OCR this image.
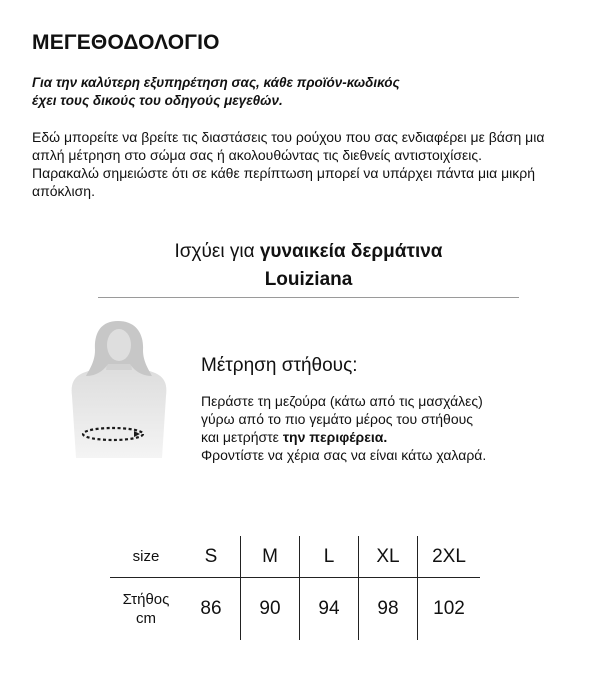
ΜΕΓΕΘΟΔΟΛΟΓΙΟ
Για την καλύτερη εξυπηρέτηση σας, κάθε προϊόν-κωδικός
έχει τους δικούς του οδηγούς μεγεθών.

Εδώ μπορείτε να βρείτε τις διαστάσεις του ρούχου που σας ενδιαφέρει με βάση μια απλή μέτρηση στο σώμα σας ή ακολουθώντας τις διεθνείς αντιστοιχίσεις.

Παρακαλώ σημειώστε ότι σε κάθε περίπτωση μπορεί να υπάρχει πάντα μια μικρή απόκλιση.

Ισχύει για γυναικεία δερμάτινα
Louiziana
Μέτρηση στήθους:
Περάστε τη μεζούρα (κάτω από τις μασχάλες)
γύρω από το πιο γεμάτο μέρος του στήθους
και μετρήστε την περιφέρεια.
Φροντίστε να χέρια σας να είναι κάτω χαλαρά.
size	S	M	L	XL	2XL
Στήθος
cm	86	90	94	98	102
